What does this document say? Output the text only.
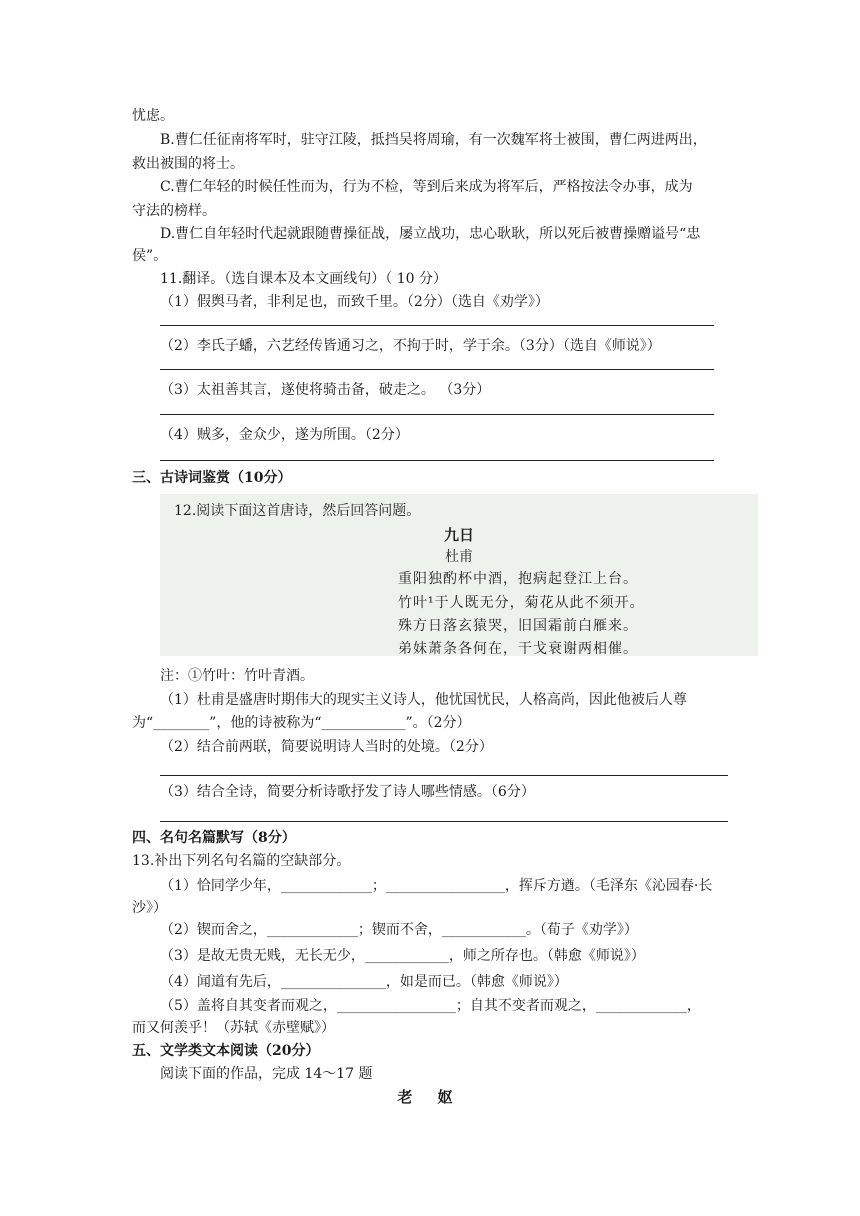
忧虑。
B.曹仁任征南将军时，驻守江陵，抵挡吴将周瑜，有一次魏军将士被围，曹仁两进两出，
救出被围的将士。
C.曹仁年轻的时候任性而为，行为不检，等到后来成为将军后，严格按法令办事，成为
守法的榜样。
D.曹仁自年轻时代起就跟随曹操征战，屡立战功，忠心耿耿，所以死后被曹操赠谥号“忠
侯”。
11.翻译。（选自课本及本文画线句）（ 10 分）
（1）假舆马者，非利足也，而致千里。（2分）（选自《劝学》）
（2）李氏子蟠，六艺经传皆通习之，不拘于时，学于余。（3分）（选自《师说》）
（3）太祖善其言，遂使将骑击备，破走之。 （3分）
（4）贼多，金众少，遂为所围。（2分）
三、古诗词鉴赏（10分）
12.阅读下面这首唐诗，然后回答问题。
九日
杜甫
重阳独酌杯中酒，抱病起登江上台。
竹叶¹于人既无分，菊花从此不须开。
殊方日落玄猿哭，旧国霜前白雁来。
弟妹萧条各何在，干戈衰谢两相催。
注：①竹叶：竹叶青酒。
（1）杜甫是盛唐时期伟大的现实主义诗人，他忧国忧民，人格高尚，因此他被后人尊
为“________”，他的诗被称为“____________”。（2分）
（2）结合前两联，简要说明诗人当时的处境。（2分）
（3）结合全诗，简要分析诗歌抒发了诗人哪些情感。（6分）
四、名句名篇默写（8分）
13.补出下列名句名篇的空缺部分。
（1）恰同学少年，_____________；_________________，挥斥方遒。（毛泽东《沁园春·长
沙》）
（2）锲而舍之，_____________；锲而不舍，____________。（荀子《劝学》）
（3）是故无贵无贱，无长无少，____________，师之所存也。（韩愈《师说》）
（4）闻道有先后，_______________，如是而已。（韩愈《师说》）
（5）盖将自其变者而观之，_________________；自其不变者而观之，_____________，
而又何羡乎！（苏轼《赤壁赋》）
五、文学类文本阅读（20分）
阅读下面的作品，完成 14～17 题
老 妪
